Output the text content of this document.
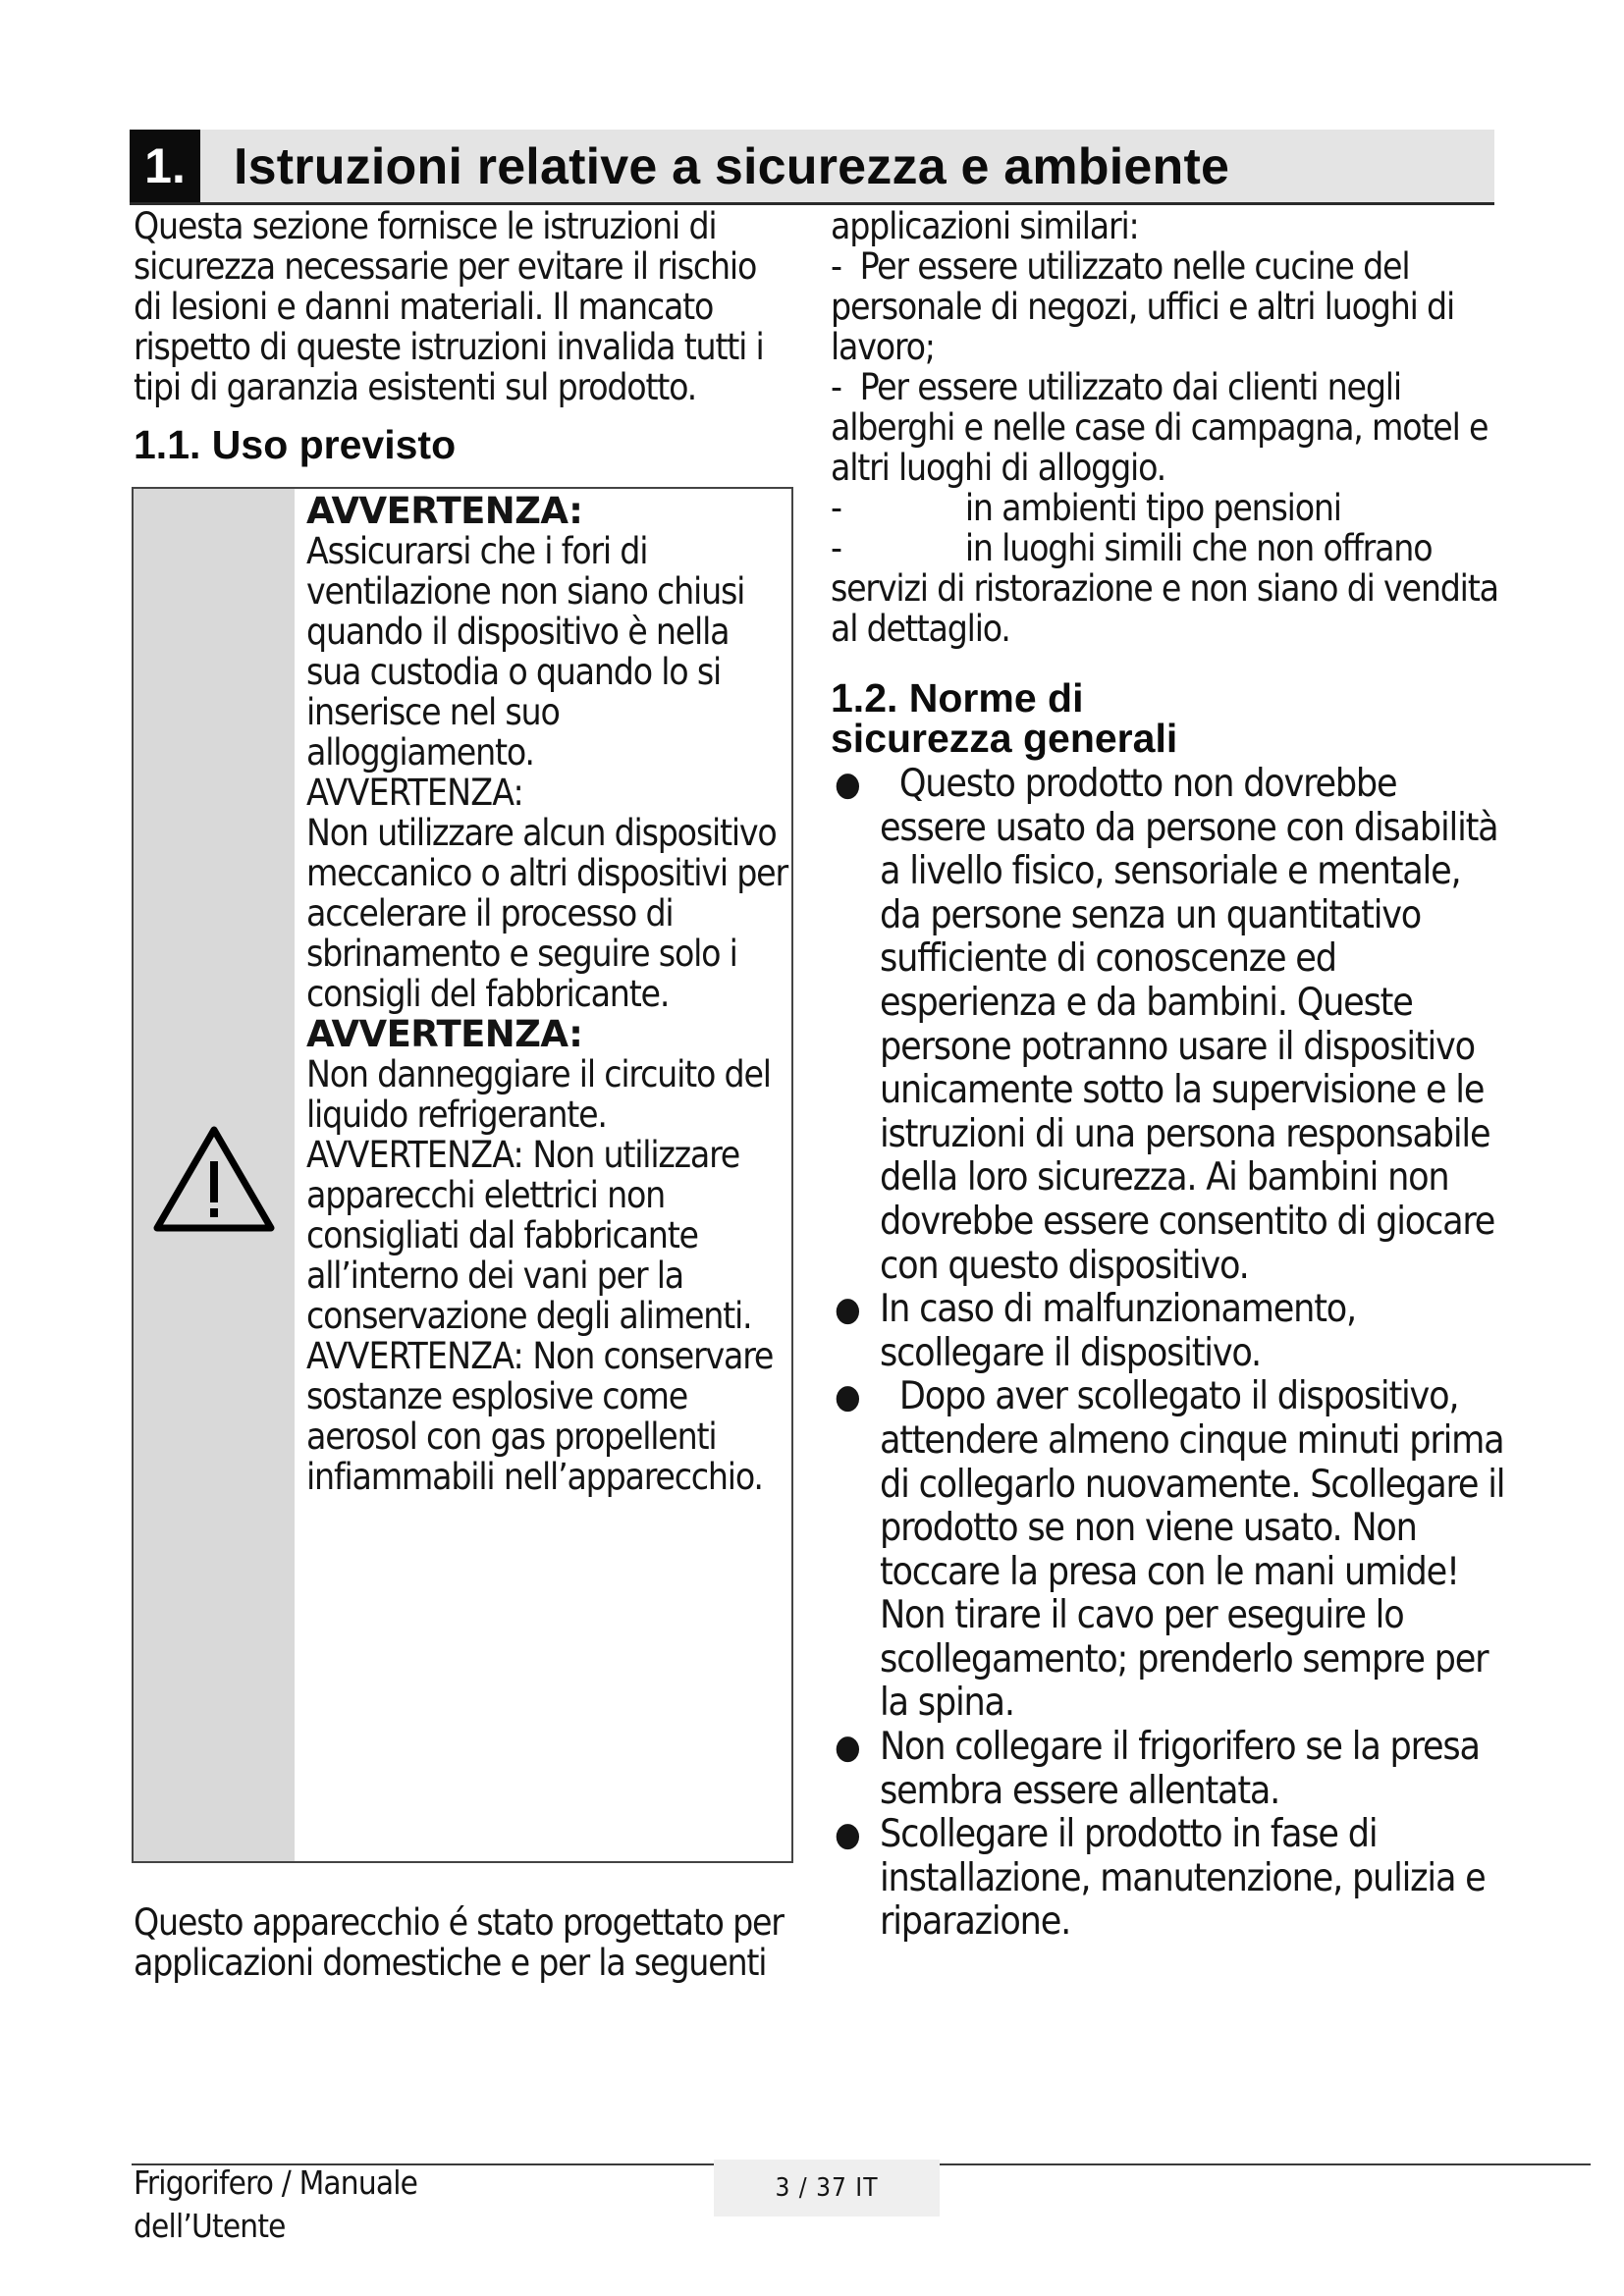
1. Istruzioni relative a sicurezza e ambiente

Questa sezione fornisce le istruzioni di sicurezza necessarie per evitare il rischio di lesioni e danni materiali. Il mancato rispetto di queste istruzioni invalida tutti i tipi di garanzia esistenti sul prodotto.

1.1. Uso previsto
AVVERTENZA:
Assicurarsi che i fori di ventilazione non siano chiusi quando il dispositivo è nella sua custodia o quando lo si inserisce nel suo alloggiamento.
AVVERTENZA:
Non utilizzare alcun dispositivo meccanico o altri dispositivi per accelerare il processo di sbrinamento e seguire solo i consigli del fabbricante.
AVVERTENZA:
Non danneggiare il circuito del liquido refrigerante.
AVVERTENZA: Non utilizzare apparecchi elettrici non consigliati dal fabbricante all’interno dei vani per la conservazione degli alimenti.
AVVERTENZA: Non conservare sostanze esplosive come aerosol con gas propellenti infiammabili nell’apparecchio.

Questo apparecchio é stato progettato per applicazioni domestiche e per la seguenti

applicazioni similari:

-  Per essere utilizzato nelle cucine del personale di negozi, uffici e altri luoghi di lavoro;
-  Per essere utilizzato dai clienti negli alberghi e nelle case di campagna, motel e altri luoghi di alloggio.
-	in ambienti tipo pensioni
-	in luoghi simili che non offrano servizi di ristorazione e non siano di vendita al dettaglio.
1.2. Norme di
sicurezza generali
● Questo prodotto non dovrebbe essere usato da persone con disabilità a livello fisico, sensoriale e mentale, da persone senza un quantitativo sufficiente di conoscenze ed esperienza e da bambini. Queste persone potranno usare il dispositivo unicamente sotto la supervisione e le istruzioni di una persona responsabile della loro sicurezza. Ai bambini non dovrebbe essere consentito di giocare con questo dispositivo.
● In caso di malfunzionamento, scollegare il dispositivo.
● Dopo aver scollegato il dispositivo, attendere almeno cinque minuti prima di collegarlo nuovamente. Scollegare il prodotto se non viene usato. Non toccare la presa con le mani umide! Non tirare il cavo per eseguire lo scollegamento; prenderlo sempre per la spina.
● Non collegare il frigorifero se la presa sembra essere allentata.
● Scollegare il prodotto in fase di installazione, manutenzione, pulizia e riparazione.
Frigorifero / Manuale dell’Utente
3 / 37 IT
